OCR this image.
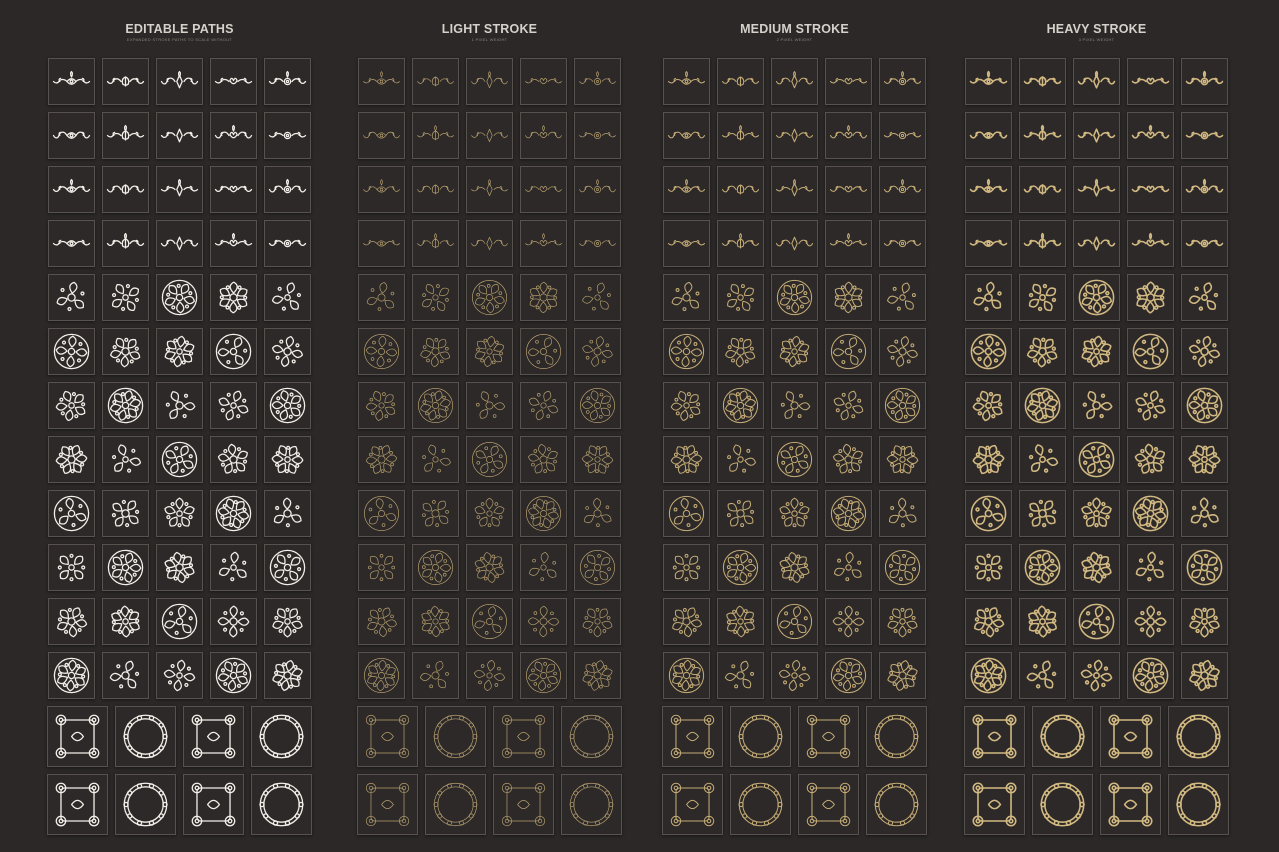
EDITABLE PATHS
EXPANDED STROKE PATHS TO SCALE WITHOUT
LIGHT STROKE
1 PIXEL WEIGHT
MEDIUM STROKE
2 PIXEL WEIGHT
HEAVY STROKE
3 PIXEL WEIGHT
